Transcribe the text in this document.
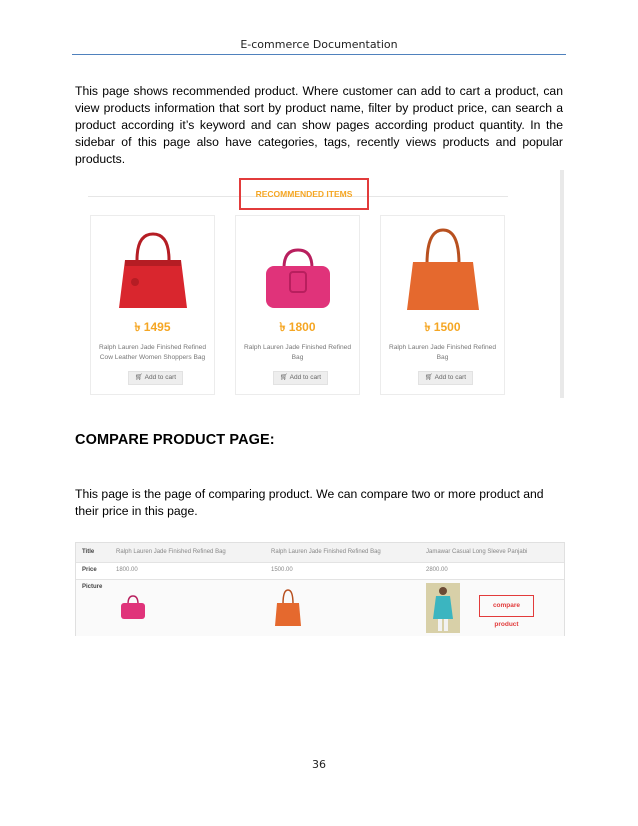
E-commerce Documentation
This page shows recommended product. Where customer can add to cart a product, can view products information that sort by product name, filter by product price, can search a product according it’s keyword and can show pages according product quantity. In the sidebar of this page also have categories, tags, recently views products and popular products.
RECOMMENDED ITEMS
৳ 1495
Ralph Lauren Jade Finished Refined Cow Leather Women Shoppers Bag
🛒︎ Add to cart
৳ 1800
Ralph Lauren Jade Finished Refined Bag
🛒︎ Add to cart
৳ 1500
Ralph Lauren Jade Finished Refined Bag
🛒︎ Add to cart
COMPARE PRODUCT PAGE:
This page is the page of comparing product. We can compare two or more product and their price in this page.
Title	Ralph Lauren Jade Finished Refined Bag	Ralph Lauren Jade Finished Refined Bag	Jamawar Casual Long Sleeve Panjabi
Price	1800.00	1500.00	2800.00
Picture
compare product
36
